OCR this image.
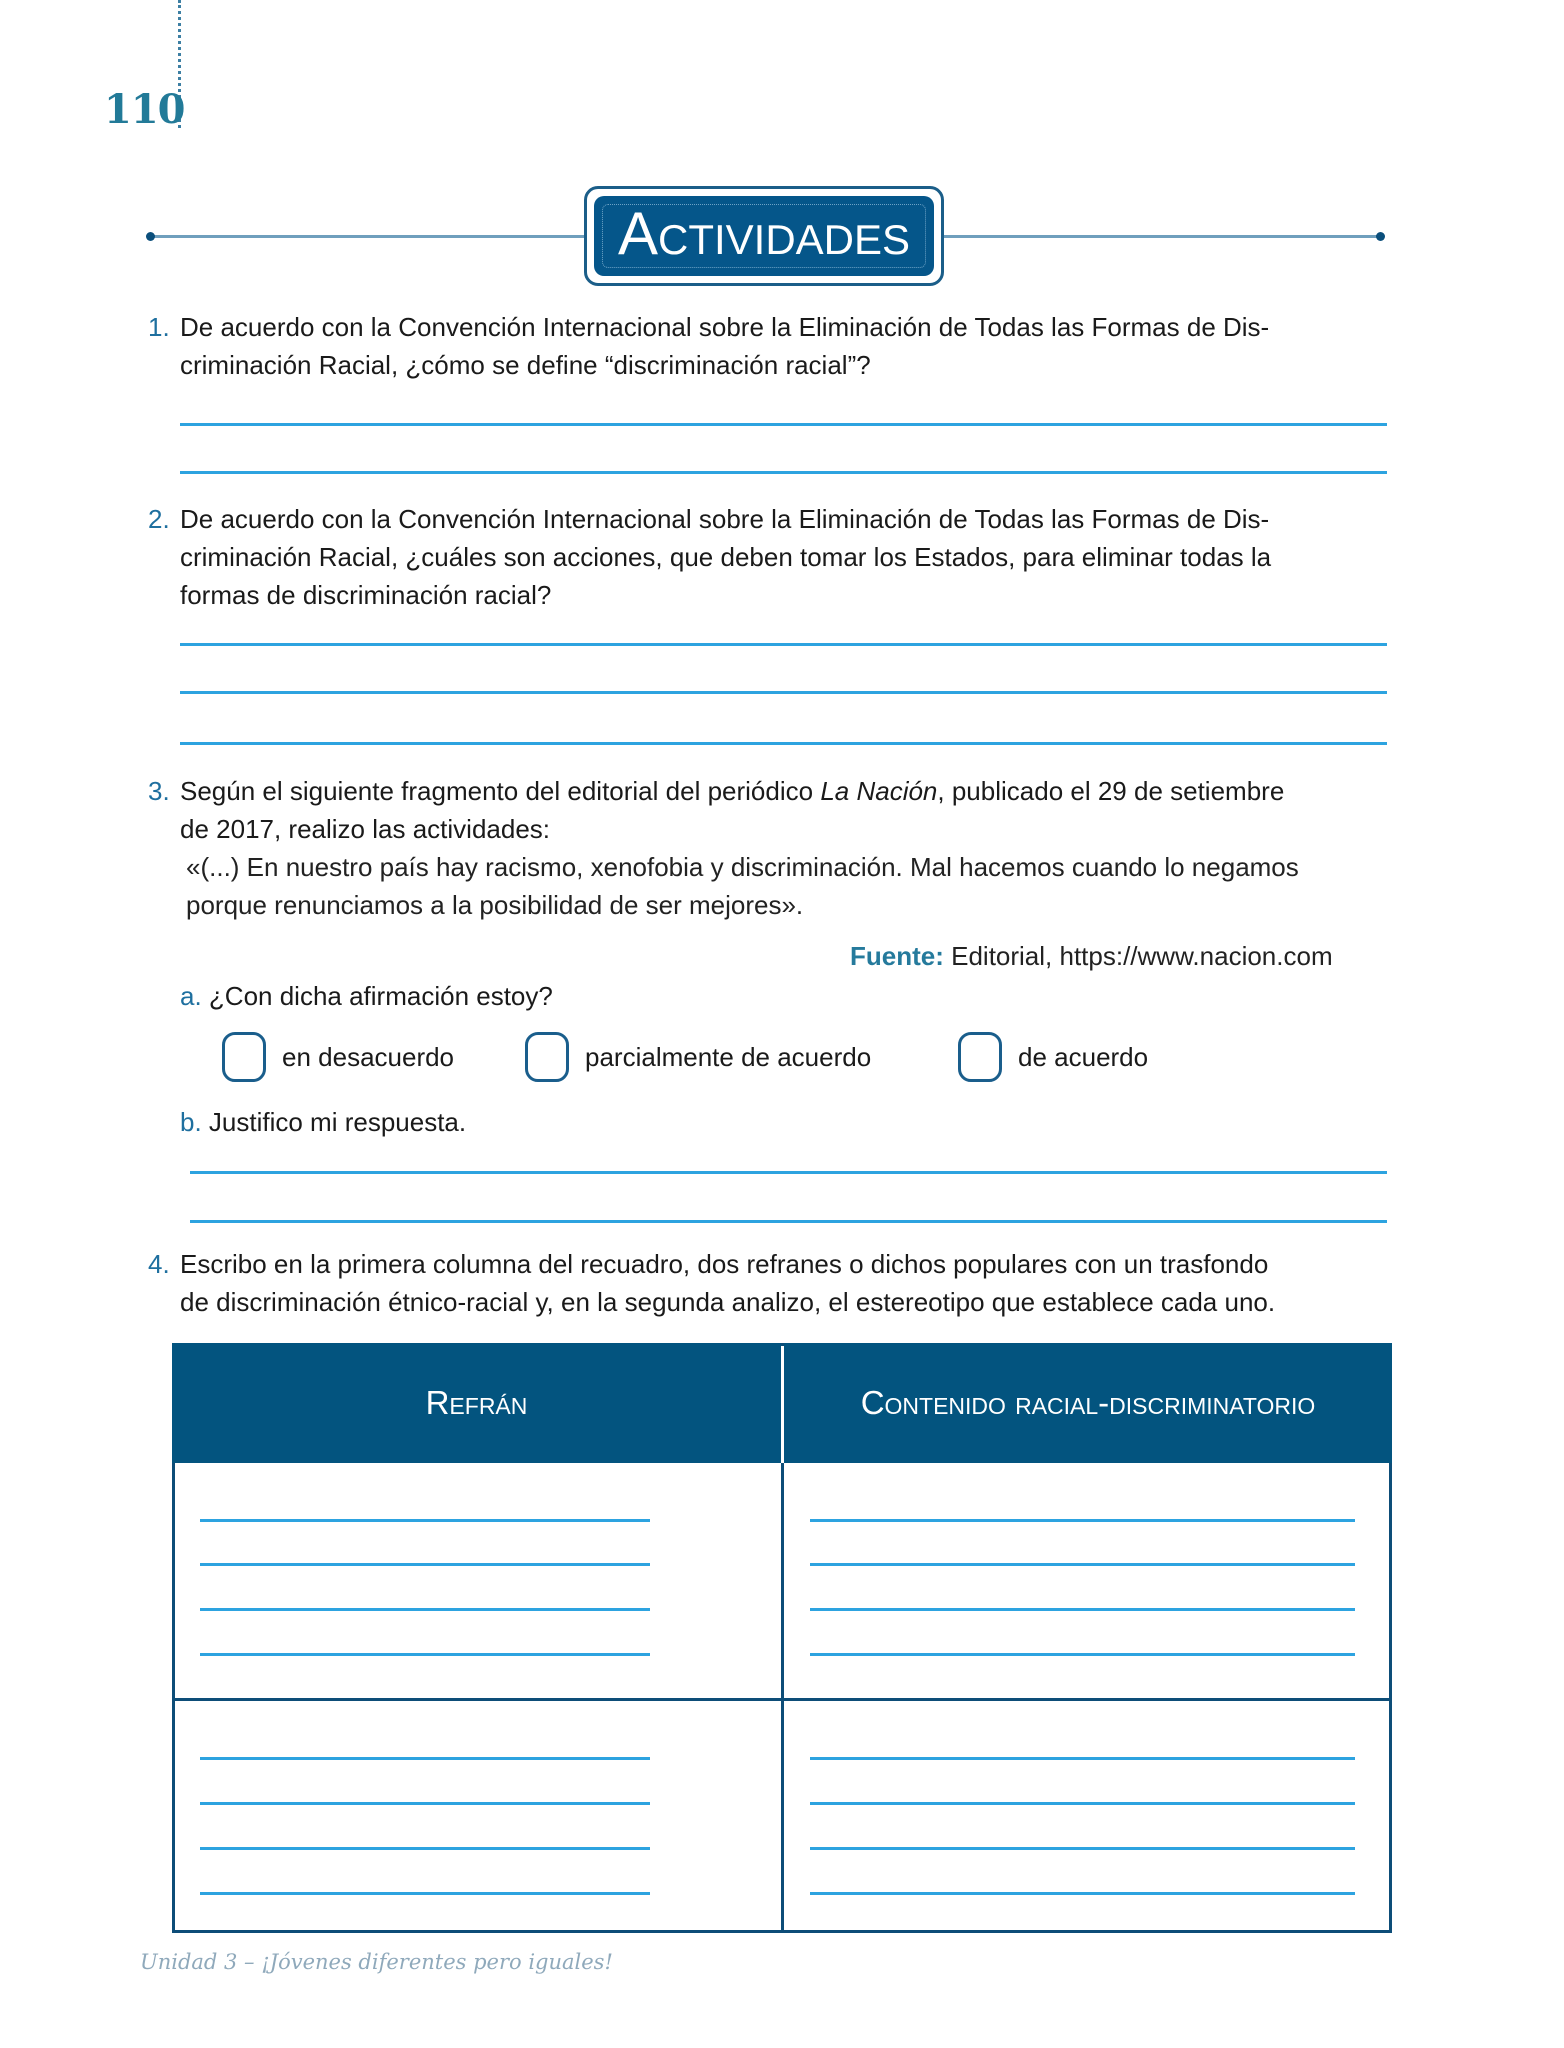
110
Actividades
1. De acuerdo con la Convención Internacional sobre la Eliminación de Todas las Formas de Dis-
criminación Racial, ¿cómo se define “discriminación racial”?
2. De acuerdo con la Convención Internacional sobre la Eliminación de Todas las Formas de Dis-
criminación Racial, ¿cuáles son acciones, que deben tomar los Estados, para eliminar todas la
formas de discriminación racial?
3. Según el siguiente fragmento del editorial del periódico La Nación, publicado el 29 de setiembre
de 2017, realizo las actividades:
«(...) En nuestro país hay racismo, xenofobia y discriminación. Mal hacemos cuando lo negamos
porque renunciamos a la posibilidad de ser mejores».
Fuente: Editorial, https://www.nacion.com
a. ¿Con dicha afirmación estoy?
en desacuerdo	parcialmente de acuerdo	de acuerdo
b. Justifico mi respuesta.
4. Escribo en la primera columna del recuadro, dos refranes o dichos populares con un trasfondo
de discriminación étnico-racial y, en la segunda analizo, el estereotipo que establece cada uno.
Refrán	Contenido racial-discriminatorio
Unidad 3 – ¡Jóvenes diferentes pero iguales!
